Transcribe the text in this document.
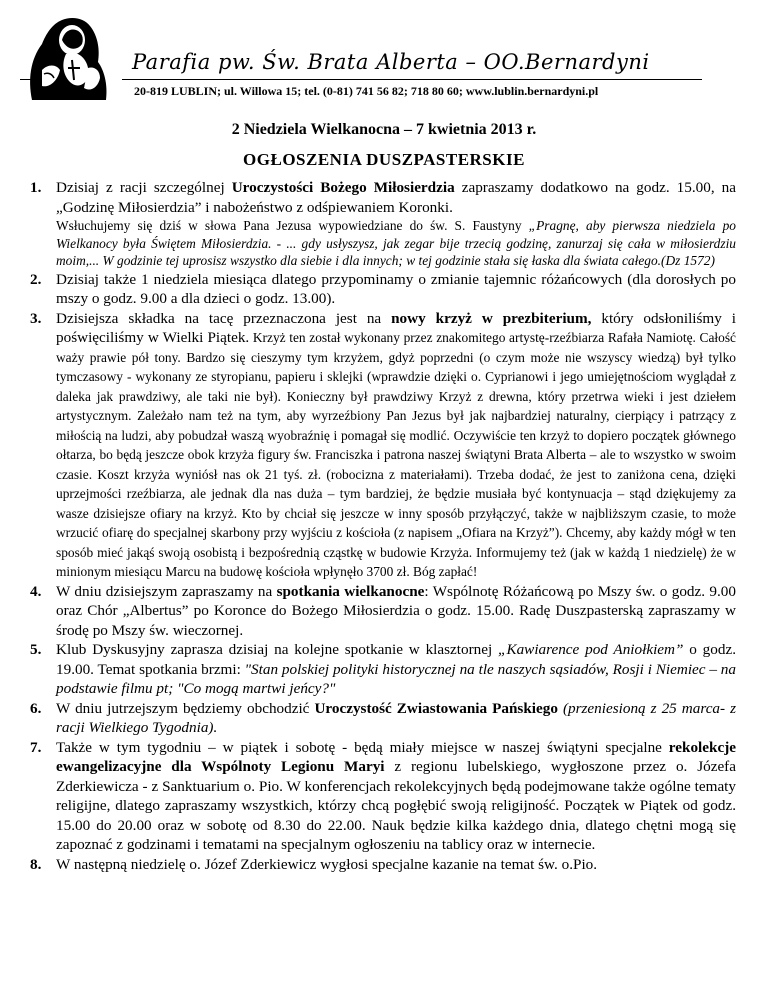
Parafia pw. Św. Brata Alberta – OO.Bernardyni
20-819 LUBLIN; ul. Willowa 15; tel. (0-81) 741 56 82; 718 80 60; www.lublin.bernardyni.pl
2 Niedziela Wielkanocna – 7 kwietnia 2013 r.
OGŁOSZENIA DUSZPASTERSKIE
1. Dzisiaj z racji szczególnej Uroczystości Bożego Miłosierdzia zapraszamy dodatkowo na godz. 15.00, na „Godzinę Miłosierdzia” i nabożeństwo z odśpiewaniem Koronki.
Wsłuchujemy się dziś w słowa Pana Jezusa wypowiedziane do św. S. Faustyny „Pragnę, aby pierwsza niedziela po Wielkanocy była Świętem Miłosierdzia. - ... gdy usłyszysz, jak zegar bije trzecią godzinę, zanurzaj się cała w miłosierdziu moim,... W godzinie tej uprosisz wszystko dla siebie i dla innych; w tej godzinie stała się łaska dla świata całego.(Dz 1572)
2. Dzisiaj także 1 niedziela miesiąca dlatego przypominamy o zmianie tajemnic różańcowych (dla dorosłych po mszy o godz. 9.00 a dla dzieci o godz. 13.00).
3. Dzisiejsza składka na tacę przeznaczona jest na nowy krzyż w prezbiterium, który odsłoniliśmy i poświęciliśmy w Wielki Piątek. Krzyż ten został wykonany przez znakomitego artystę-rzeźbiarza Rafała Namiotę. Całość waży prawie pół tony. Bardzo się cieszymy tym krzyżem, gdyż poprzedni (o czym może nie wszyscy wiedzą) był tylko tymczasowy - wykonany ze styropianu, papieru i sklejki (wprawdzie dzięki o. Cyprianowi i jego umiejętnościom wyglądał z daleka jak prawdziwy, ale taki nie był). Konieczny był prawdziwy Krzyż z drewna, który przetrwa wieki i jest dziełem artystycznym. Zależało nam też na tym, aby wyrzeźbiony Pan Jezus był jak najbardziej naturalny, cierpiący i patrzący z miłością na ludzi, aby pobudzał waszą wyobraźnię i pomagał się modlić. Oczywiście ten krzyż to dopiero początek głównego ołtarza, bo będą jeszcze obok krzyża figury św. Franciszka i patrona naszej świątyni Brata Alberta – ale to wszystko w swoim czasie. Koszt krzyża wyniósł nas ok 21 tyś. zł. (robocizna z materiałami). Trzeba dodać, że jest to zaniżona cena, dzięki uprzejmości rzeźbiarza, ale jednak dla nas duża – tym bardziej, że będzie musiała być kontynuacja – stąd dziękujemy za wasze dzisiejsze ofiary na krzyż. Kto by chciał się jeszcze w inny sposób przyłączyć, także w najbliższym czasie, to może wrzucić ofiarę do specjalnej skarbony przy wyjściu z kościoła (z napisem „Ofiara na Krzyż”). Chcemy, aby każdy mógł w ten sposób mieć jakąś swoją osobistą i bezpośrednią cząstkę w budowie Krzyża. Informujemy też (jak w każdą 1 niedzielę) że w minionym miesiącu Marcu na budowę kościoła wpłynęło 3700 zł. Bóg zapłać!
4. W dniu dzisiejszym zapraszamy na spotkania wielkanocne: Wspólnotę Różańcową po Mszy św. o godz. 9.00 oraz Chór „Albertus” po Koronce do Bożego Miłosierdzia o godz. 15.00. Radę Duszpasterską zapraszamy w środę po Mszy św. wieczornej.
5. Klub Dyskusyjny zaprasza dzisiaj na kolejne spotkanie w klasztornej „Kawiarence pod Aniołkiem” o godz. 19.00. Temat spotkania brzmi: "Stan polskiej polityki historycznej na tle naszych sąsiadów, Rosji i Niemiec – na podstawie filmu pt; "Co mogą martwi jeńcy?"
6. W dniu jutrzejszym będziemy obchodzić Uroczystość Zwiastowania Pańskiego (przeniesioną z 25 marca- z racji Wielkiego Tygodnia).
7. Także w tym tygodniu – w piątek i sobotę - będą miały miejsce w naszej świątyni specjalne rekolekcje ewangelizacyjne dla Wspólnoty Legionu Maryi z regionu lubelskiego, wygłoszone przez o. Józefa Zderkiewicza - z Sanktuarium o. Pio. W konferencjach rekolekcyjnych będą podejmowane także ogólne tematy religijne, dlatego zapraszamy wszystkich, którzy chcą pogłębić swoją religijność. Początek w Piątek od godz. 15.00 do 20.00 oraz w sobotę od 8.30 do 22.00. Nauk będzie kilka każdego dnia, dlatego chętni mogą się zapoznać z godzinami i tematami na specjalnym ogłoszeniu na tablicy oraz w internecie.
8. W następną niedzielę o. Józef Zderkiewicz wygłosi specjalne kazanie na temat św. o.Pio.
